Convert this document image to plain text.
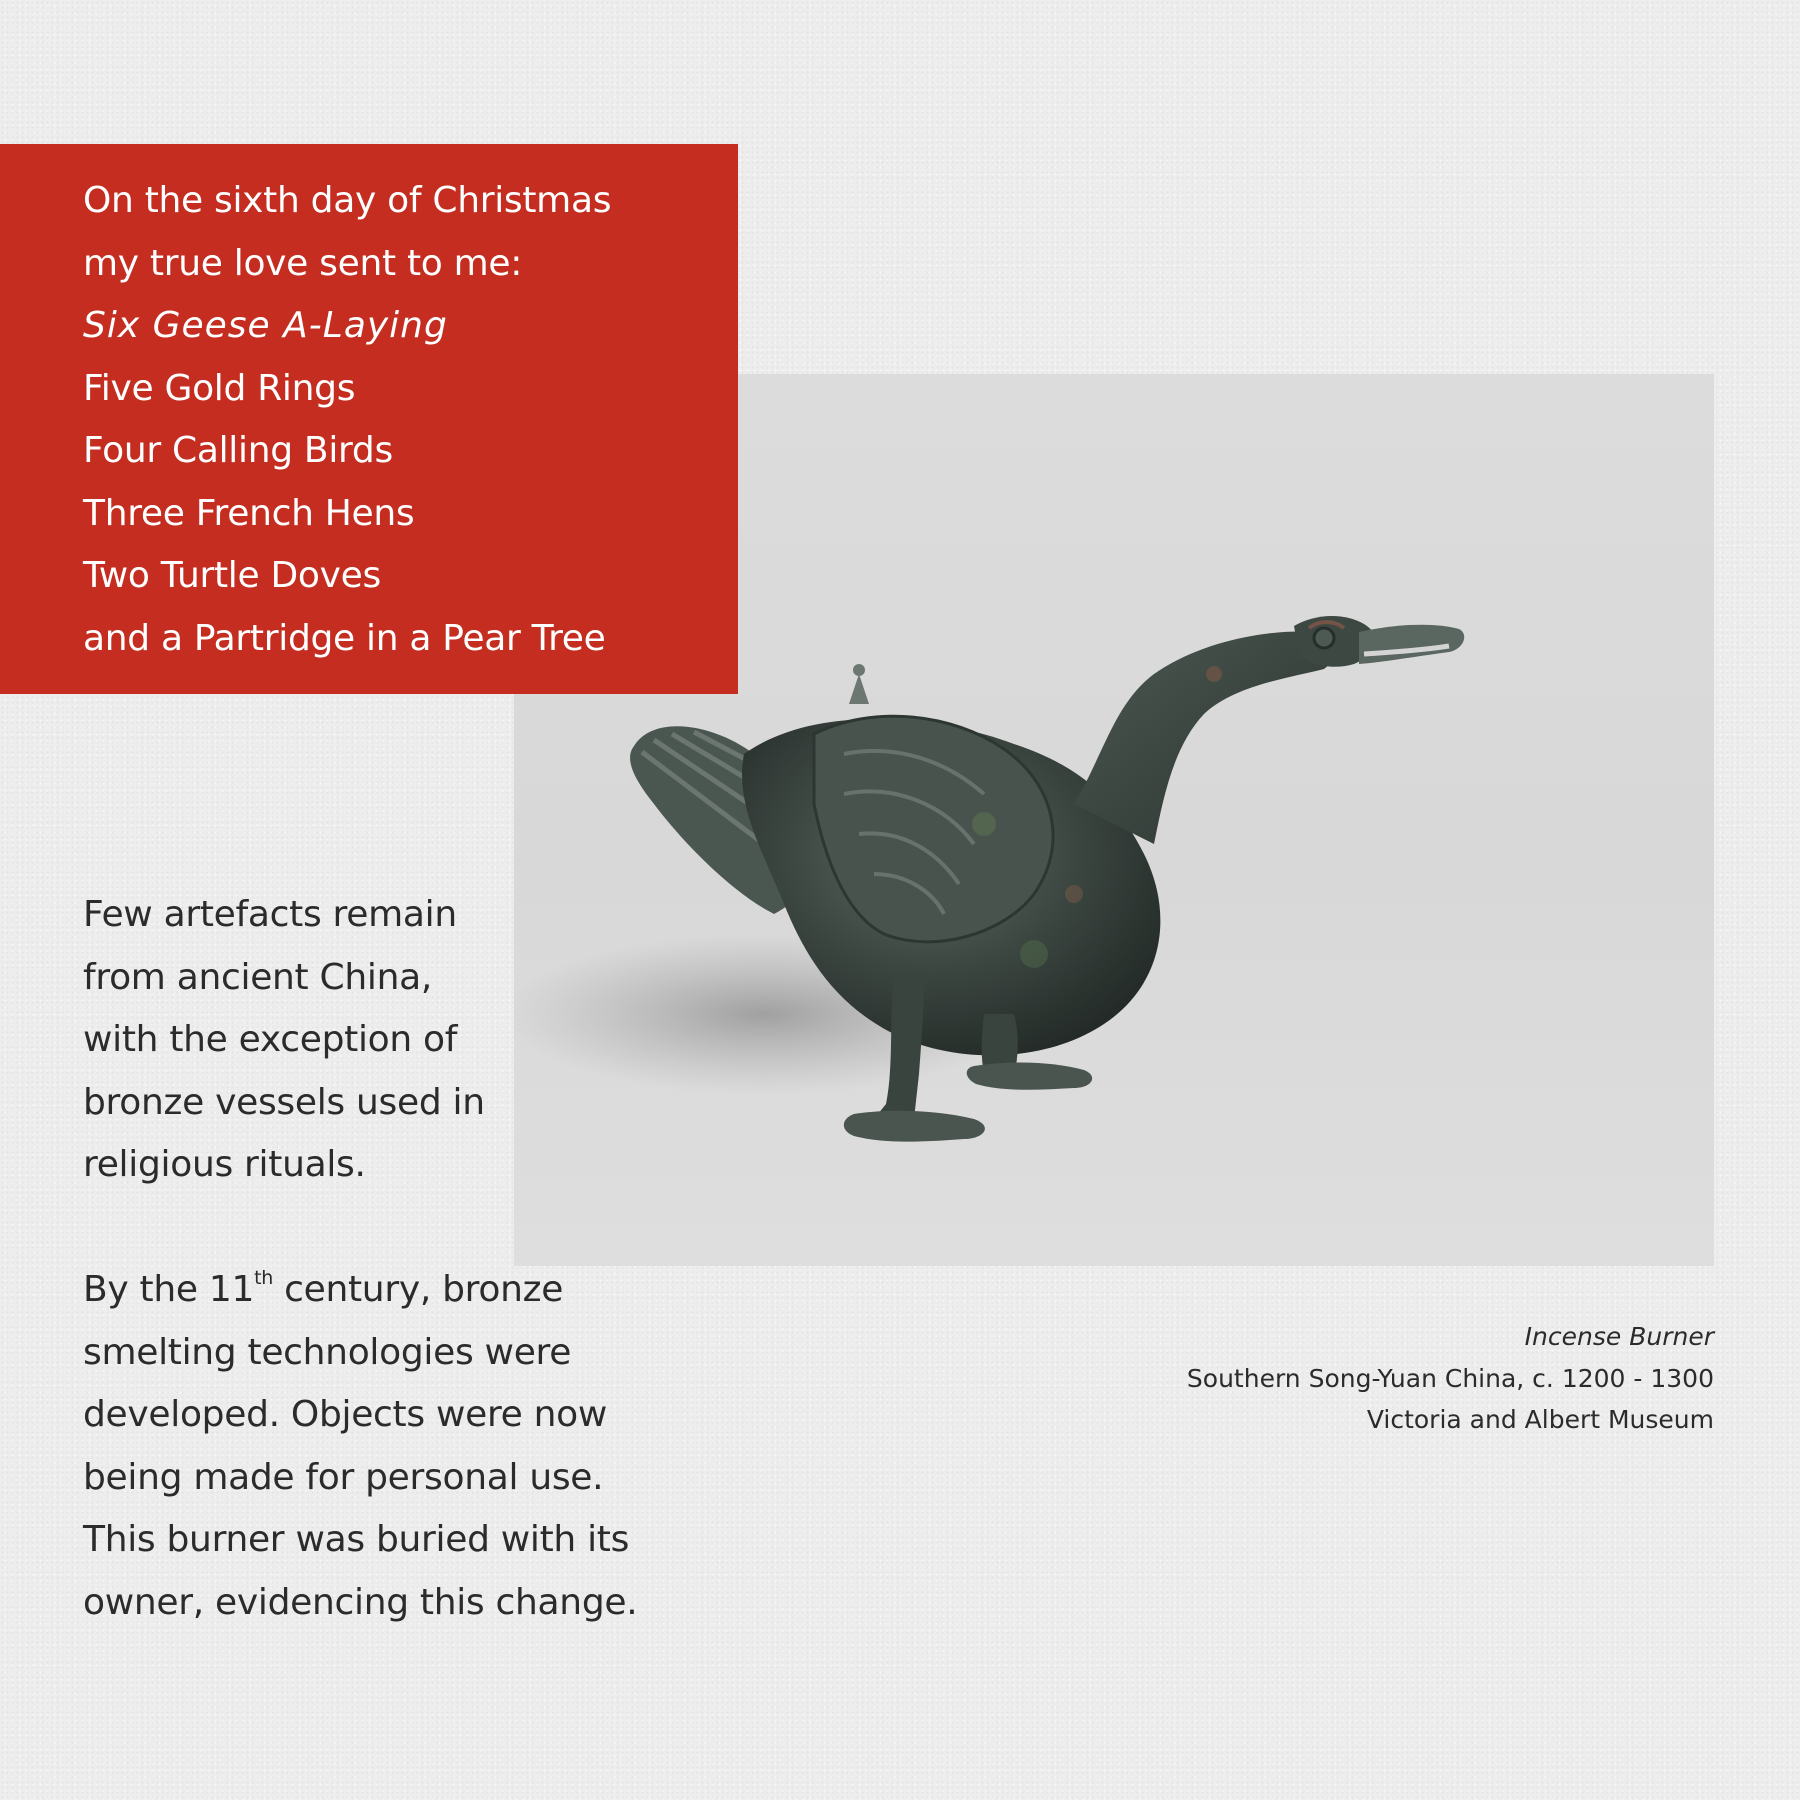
On the sixth day of Christmas
my true love sent to me:
Six Geese A-Laying
Five Gold Rings
Four Calling Birds
Three French Hens
Two Turtle Doves
and a Partridge in a Pear Tree

Few artefacts remain
from ancient China,
with the exception of
bronze vessels used in
religious rituals.

By the 11th century, bronze
smelting technologies were
developed. Objects were now
being made for personal use.
This burner was buried with its
owner, evidencing this change.

Incense Burner
Southern Song-Yuan China, c. 1200 - 1300
Victoria and Albert Museum
